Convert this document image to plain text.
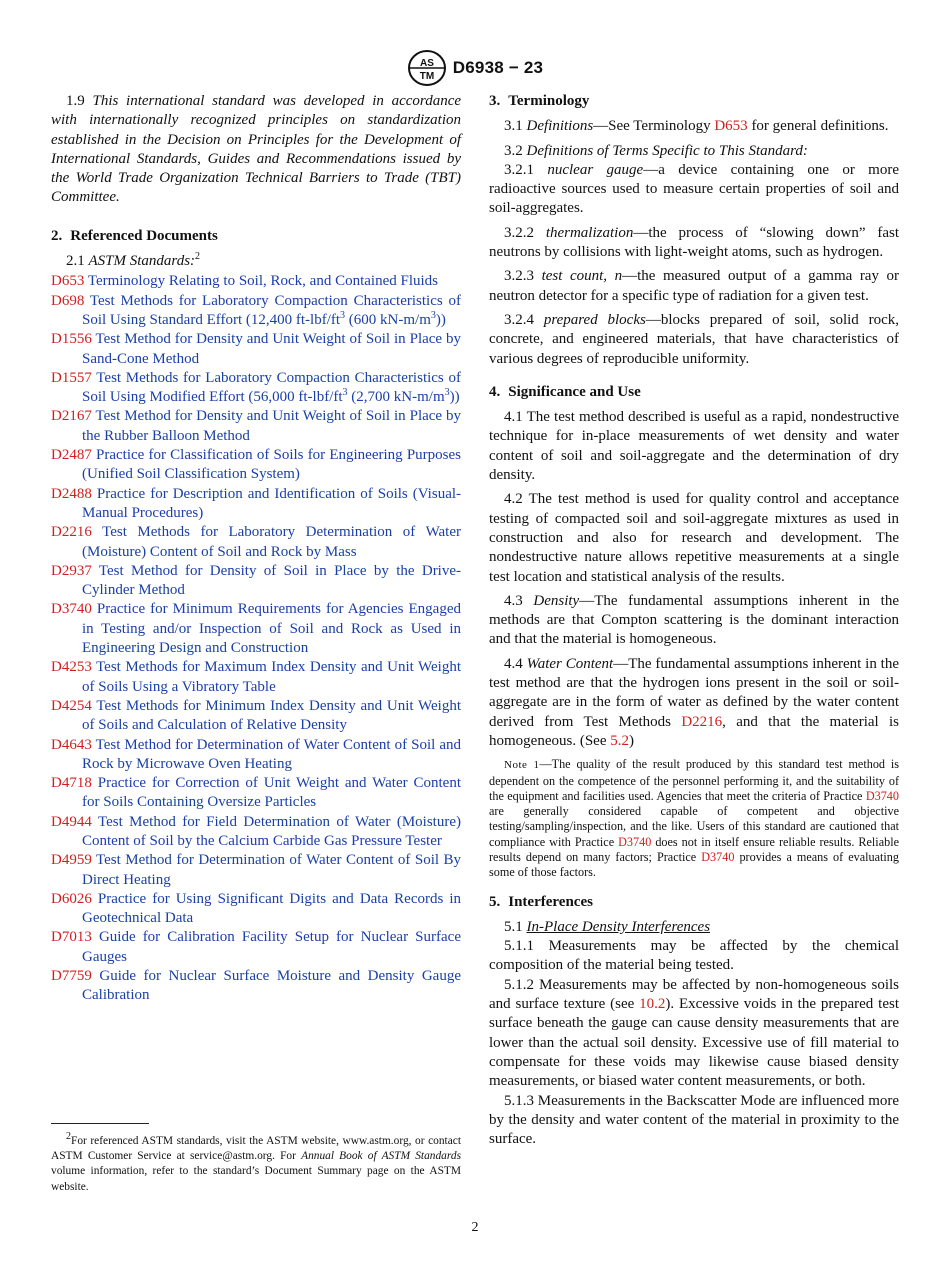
AS
TM D6938 − 23

1.9 This international standard was developed in accordance with internationally recognized principles on standardization established in the Decision on Principles for the Development of International Standards, Guides and Recommendations issued by the World Trade Organization Technical Barriers to Trade (TBT) Committee.

2. Referenced Documents

2.1 ASTM Standards:$^2$

D653 Terminology Relating to Soil, Rock, and Contained Fluids

D698 Test Methods for Laboratory Compaction Characteristics of Soil Using Standard Effort (12,400 $ft-lbf/ft^3$ (600 $kN-m/m^3$))

D1556 Test Method for Density and Unit Weight of Soil in Place by Sand-Cone Method

D1557 Test Methods for Laboratory Compaction Characteristics of Soil Using Modified Effort (56,000 $ft-lbf/ft^3$ (2,700 $kN-m/m^3$))

D2167 Test Method for Density and Unit Weight of Soil in Place by the Rubber Balloon Method

D2487 Practice for Classification of Soils for Engineering Purposes (Unified Soil Classification System)

D2488 Practice for Description and Identification of Soils (Visual-Manual Procedures)

D2216 Test Methods for Laboratory Determination of Water (Moisture) Content of Soil and Rock by Mass

D2937 Test Method for Density of Soil in Place by the Drive-Cylinder Method

D3740 Practice for Minimum Requirements for Agencies Engaged in Testing and/or Inspection of Soil and Rock as Used in Engineering Design and Construction

D4253 Test Methods for Maximum Index Density and Unit Weight of Soils Using a Vibratory Table

D4254 Test Methods for Minimum Index Density and Unit Weight of Soils and Calculation of Relative Density

D4643 Test Method for Determination of Water Content of Soil and Rock by Microwave Oven Heating

D4718 Practice for Correction of Unit Weight and Water Content for Soils Containing Oversize Particles

D4944 Test Method for Field Determination of Water (Moisture) Content of Soil by the Calcium Carbide Gas Pressure Tester

D4959 Test Method for Determination of Water Content of Soil By Direct Heating

D6026 Practice for Using Significant Digits and Data Records in Geotechnical Data

D7013 Guide for Calibration Facility Setup for Nuclear Surface Gauges

D7759 Guide for Nuclear Surface Moisture and Density Gauge Calibration

$^2$For referenced ASTM standards, visit the ASTM website, www.astm.org, or contact ASTM Customer Service at service@astm.org. For Annual Book of ASTM Standards volume information, refer to the standard’s Document Summary page on the ASTM website.

3. Terminology

3.1 Definitions—See Terminology D653 for general definitions.

3.2 Definitions of Terms Specific to This Standard:

3.2.1 nuclear gauge—a device containing one or more radioactive sources used to measure certain properties of soil and soil-aggregates.

3.2.2 thermalization—the process of “slowing down” fast neutrons by collisions with light-weight atoms, such as hydrogen.

3.2.3 test count, n—the measured output of a gamma ray or neutron detector for a specific type of radiation for a given test.

3.2.4 prepared blocks—blocks prepared of soil, solid rock, concrete, and engineered materials, that have characteristics of various degrees of reproducible uniformity.

4. Significance and Use

4.1 The test method described is useful as a rapid, nondestructive technique for in-place measurements of wet density and water content of soil and soil-aggregate and the determination of dry density.

4.2 The test method is used for quality control and acceptance testing of compacted soil and soil-aggregate mixtures as used in construction and also for research and development. The nondestructive nature allows repetitive measurements at a single test location and statistical analysis of the results.

4.3 Density—The fundamental assumptions inherent in the methods are that Compton scattering is the dominant interaction and that the material is homogeneous.

4.4 Water Content—The fundamental assumptions inherent in the test method are that the hydrogen ions present in the soil or soil-aggregate are in the form of water as defined by the water content derived from Test Methods D2216, and that the material is homogeneous. (See 5.2)

Note 1—The quality of the result produced by this standard test method is dependent on the competence of the personnel performing it, and the suitability of the equipment and facilities used. Agencies that meet the criteria of Practice D3740 are generally considered capable of competent and objective testing/sampling/inspection, and the like. Users of this standard are cautioned that compliance with Practice D3740 does not in itself ensure reliable results. Reliable results depend on many factors; Practice D3740 provides a means of evaluating some of those factors.

5. Interferences

5.1 In-Place Density Interferences

5.1.1 Measurements may be affected by the chemical composition of the material being tested.

5.1.2 Measurements may be affected by non-homogeneous soils and surface texture (see 10.2). Excessive voids in the prepared test surface beneath the gauge can cause density measurements that are lower than the actual soil density. Excessive use of fill material to compensate for these voids may likewise cause biased density measurements, or biased water content measurements, or both.

5.1.3 Measurements in the Backscatter Mode are influenced more by the density and water content of the material in proximity to the surface.

2
